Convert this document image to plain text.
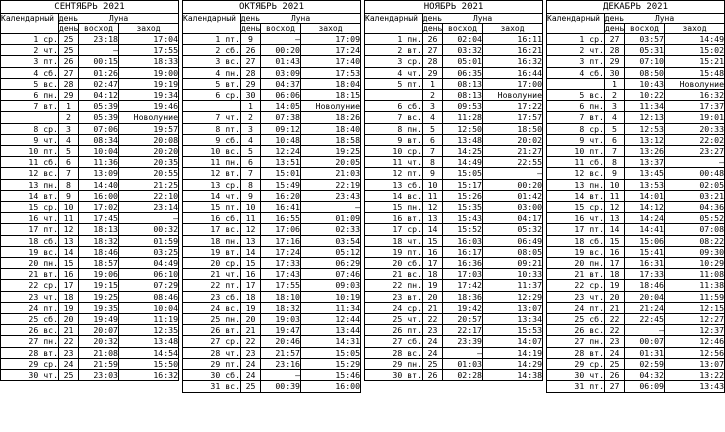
СЕНТЯБРЬ 2021			
Календарный день	Луна		
	день	восход	заход
1 ср.	25	23:18	17:04
2 чт.	25	–	17:55
3 пт.	26	00:15	18:33
4 сб.	27	01:26	19:00
5 вс.	28	02:47	19:19
6 пн.	29	04:12	19:34
7 вт.	1	05:39	19:46
	2	05:39	Новолуние
8 ср.	3	07:06	19:57
9 чт.	4	08:34	20:08
10 пт.	5	10:04	20:20
11 сб.	6	11:36	20:35
12 вс.	7	13:09	20:55
13 пн.	8	14:40	21:25
14 вт.	9	16:00	22:10
15 ср.	10	17:02	23:14
16 чт.	11	17:45	–
17 пт.	12	18:13	00:32
18 сб.	13	18:32	01:59
19 вс.	14	18:46	03:25
20 пн.	15	18:57	04:49
21 вт.	16	19:06	06:10
22 ср.	17	19:15	07:29
23 чт.	18	19:25	08:46
24 пт.	19	19:35	10:04
25 сб.	20	19:49	11:19
26 вс.	21	20:07	12:35
27 пн.	22	20:32	13:48
28 вт.	23	21:08	14:54
29 ср.	24	21:59	15:50
30 чт.	25	23:03	16:32
ОКТЯБРЬ 2021			
Календарный день	Луна		
	день	восход	заход
1 пт.	9	–	17:09
2 сб.	26	00:20	17:24
3 вс.	27	01:43	17:40
4 пн.	28	03:09	17:53
5 вт.	29	04:37	18:04
6 ср.	30	06:06	18:15
	1	14:05	Новолуние
7 чт.	2	07:38	18:26
8 пт.	3	09:12	18:40
9 сб.	4	10:48	18:58
10 вс.	5	12:24	19:25
11 пн.	6	13:51	20:05
12 вт.	7	15:01	21:03
13 ср.	8	15:49	22:19
14 чт.	9	16:20	23:43
15 пт.	10	16:41	–
16 сб.	11	16:55	01:09
17 вс.	12	17:06	02:33
18 пн.	13	17:16	03:54
19 вт.	14	17:24	05:12
20 ср.	15	17:33	06:29
21 чт.	16	17:43	07:46
22 пт.	17	17:55	09:03
23 сб.	18	18:10	10:19
24 вс.	19	18:32	11:34
25 пн.	20	19:03	12:44
26 вт.	21	19:47	13:44
27 ср.	22	20:46	14:31
28 чт.	23	21:57	15:05
29 пт.	24	23:16	15:29
30 сб.	24	–	15:46
31 вс.	25	00:39	16:00
НОЯБРЬ 2021			
Календарный день	Луна		
	день	восход	заход
1 пн.	26	02:04	16:11
2 вт.	27	03:32	16:21
3 ср.	28	05:01	16:32
4 чт.	29	06:35	16:44
5 пт.	1	08:13	17:00
	2	08:13	Новолуние
6 сб.	3	09:53	17:22
7 вс.	4	11:28	17:57
8 пн.	5	12:50	18:50
9 вт.	6	13:48	20:02
10 ср.	7	14:25	21:27
11 чт.	8	14:49	22:55
12 пт.	9	15:05	–
13 сб.	10	15:17	00:20
14 вс.	11	15:26	01:42
15 пн.	12	15:35	03:00
16 вт.	13	15:43	04:17
17 ср.	14	15:52	05:32
18 чт.	15	16:03	06:49
19 пт.	16	16:17	08:05
20 сб.	17	16:36	09:21
21 вс.	18	17:03	10:33
22 пн.	19	17:42	11:37
23 вт.	20	18:36	12:29
24 ср.	21	19:42	13:07
25 чт.	22	20:57	13:34
26 пт.	23	22:17	15:53
27 сб.	24	23:39	14:07
28 вс.	24	–	14:19
29 пн.	25	01:03	14:29
30 вт.	26	02:28	14:38
ДЕКАБРЬ 2021			
Календарный день	Луна		
	день	восход	заход
1 ср.	27	03:57	14:49
2 чт.	28	05:31	15:02
3 пт.	29	07:10	15:21
4 сб.	30	08:50	15:48
	1	10:43	Новолуние
5 вс.	2	10:22	16:32
6 пн.	3	11:34	17:37
7 вт.	4	12:13	19:01
8 ср.	5	12:53	20:33
9 чт.	6	13:12	22:02
10 пт.	7	13:26	23:27
11 сб.	8	13:37	–
12 вс.	9	13:45	00:48
13 пн.	10	13:53	02:05
14 вт.	11	14:01	03:21
15 ср.	12	14:12	04:36
16 чт.	13	14:24	05:52
17 пт.	14	14:41	07:08
18 сб.	15	15:06	08:22
19 вс.	16	15:41	09:30
20 пн.	17	16:31	10:29
21 вт.	18	17:33	11:08
22 ср.	19	18:46	11:38
23 чт.	20	20:04	11:59
24 пт.	21	21:24	12:15
25 сб.	22	22:45	12:27
26 вс.	22	–	12:37
27 пн.	23	00:07	12:46
28 вт.	24	01:31	12:56
29 ср.	25	02:59	13:07
30 чт.	26	04:32	13:22
31 пт.	27	06:09	13:43
